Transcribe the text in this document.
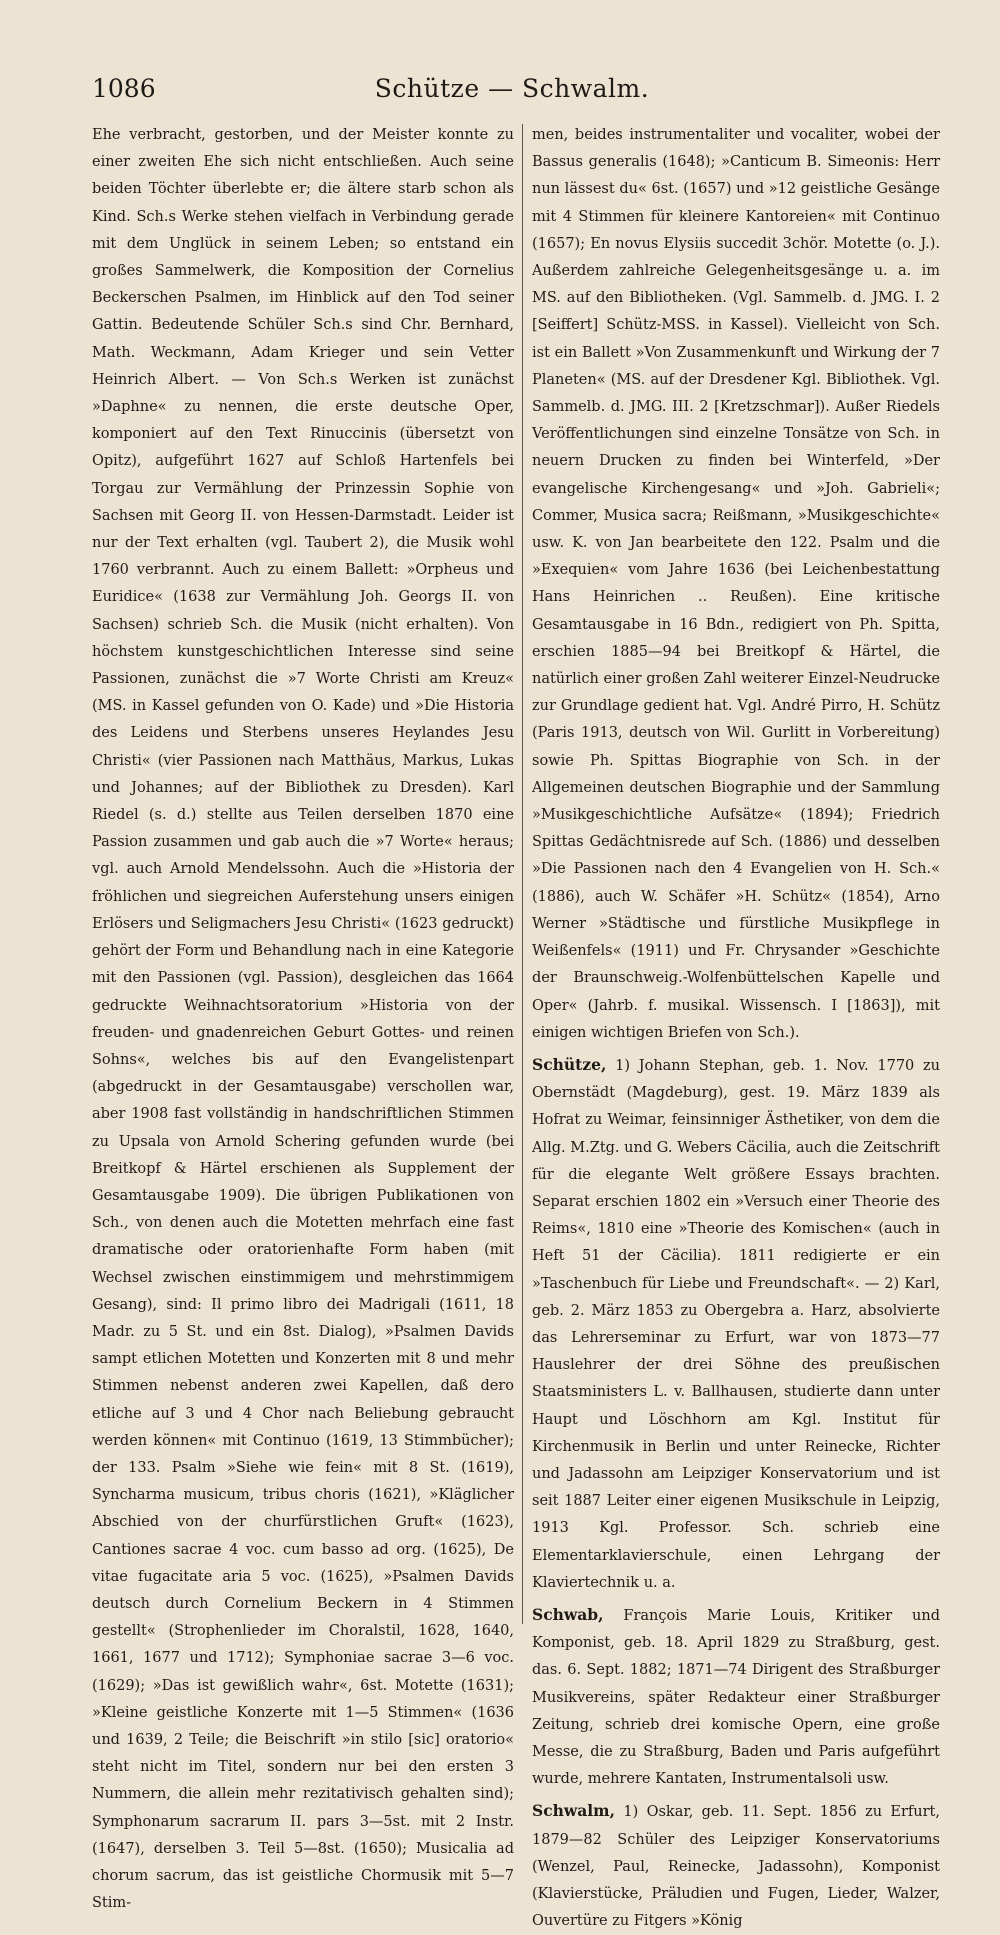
Schütze — Schwalm.
1086

Ehe verbracht, gestorben, und der Meister konnte zu einer zweiten Ehe sich nicht entschließen. Auch seine beiden Töchter überlebte er; die ältere starb schon als Kind. Sch.s Werke stehen vielfach in Verbindung gerade mit dem Unglück in seinem Leben; so entstand ein großes Sammelwerk, die Komposition der Cornelius Beckerschen Psalmen, im Hinblick auf den Tod seiner Gattin. Bedeutende Schüler Sch.s sind Chr. Bernhard, Math. Weckmann, Adam Krieger und sein Vetter Heinrich Albert. — Von Sch.s Werken ist zunächst »Daphne« zu nennen, die erste deutsche Oper, komponiert auf den Text Rinuccinis (übersetzt von Opitz), aufgeführt 1627 auf Schloß Hartenfels bei Torgau zur Vermählung der Prinzessin Sophie von Sachsen mit Georg II. von Hessen-Darmstadt. Leider ist nur der Text erhalten (vgl. Taubert 2), die Musik wohl 1760 verbrannt. Auch zu einem Ballett: »Orpheus und Euridice« (1638 zur Vermählung Joh. Georgs II. von Sachsen) schrieb Sch. die Musik (nicht erhalten). Von höchstem kunstgeschichtlichen Interesse sind seine Passionen, zunächst die »7 Worte Christi am Kreuz« (MS. in Kassel gefunden von O. Kade) und »Die Historia des Leidens und Sterbens unseres Heylandes Jesu Christi« (vier Passionen nach Matthäus, Markus, Lukas und Johannes; auf der Bibliothek zu Dresden). Karl Riedel (s. d.) stellte aus Teilen derselben 1870 eine Passion zusammen und gab auch die »7 Worte« heraus; vgl. auch Arnold Mendelssohn. Auch die »Historia der fröhlichen und siegreichen Auferstehung unsers einigen Erlösers und Seligmachers Jesu Christi« (1623 gedruckt) gehört der Form und Behandlung nach in eine Kategorie mit den Passionen (vgl. Passion), desgleichen das 1664 gedruckte Weihnachtsoratorium »Historia von der freuden- und gnadenreichen Geburt Gottes- und reinen Sohns«, welches bis auf den Evangelistenpart (abgedruckt in der Gesamtausgabe) verschollen war, aber 1908 fast vollständig in handschriftlichen Stimmen zu Upsala von Arnold Schering gefunden wurde (bei Breitkopf & Härtel erschienen als Supplement der Gesamtausgabe 1909). Die übrigen Publikationen von Sch., von denen auch die Motetten mehrfach eine fast dramatische oder oratorienhafte Form haben (mit Wechsel zwischen einstimmigem und mehrstimmigem Gesang), sind: Il primo libro dei Madrigali (1611, 18 Madr. zu 5 St. und ein 8st. Dialog), »Psalmen Davids sampt etlichen Motetten und Konzerten mit 8 und mehr Stimmen nebenst anderen zwei Kapellen, daß dero etliche auf 3 und 4 Chor nach Beliebung gebraucht werden können« mit Continuo (1619, 13 Stimmbücher); der 133. Psalm »Siehe wie fein« mit 8 St. (1619), Syncharma musicum, tribus choris (1621), »Kläglicher Abschied von der churfürstlichen Gruft« (1623), Cantiones sacrae 4 voc. cum basso ad org. (1625), De vitae fugacitate aria 5 voc. (1625), »Psalmen Davids deutsch durch Cornelium Beckern in 4 Stimmen gestellt« (Strophenlieder im Choralstil, 1628, 1640, 1661, 1677 und 1712); Symphoniae sacrae 3—6 voc. (1629); »Das ist gewißlich wahr«, 6st. Motette (1631); »Kleine geistliche Konzerte mit 1—5 Stimmen« (1636 und 1639, 2 Teile; die Beischrift »in stilo [sic] oratorio« steht nicht im Titel, sondern nur bei den ersten 3 Nummern, die allein mehr rezitativisch gehalten sind); Symphonarum sacrarum II. pars 3—5st. mit 2 Instr. (1647), derselben 3. Teil 5—8st. (1650); Musicalia ad chorum sacrum, das ist geistliche Chormusik mit 5—7 Stim-

men, beides instrumentaliter und vocaliter, wobei der Bassus generalis (1648); »Canticum B. Simeonis: Herr nun lässest du« 6st. (1657) und »12 geistliche Gesänge mit 4 Stimmen für kleinere Kantoreien« mit Continuo (1657); En novus Elysiis succedit 3chör. Motette (o. J.). Außerdem zahlreiche Gelegenheitsgesänge u. a. im MS. auf den Bibliotheken. (Vgl. Sammelb. d. JMG. I. 2 [Seiffert] Schütz-MSS. in Kassel). Vielleicht von Sch. ist ein Ballett »Von Zusammenkunft und Wirkung der 7 Planeten« (MS. auf der Dresdener Kgl. Bibliothek. Vgl. Sammelb. d. JMG. III. 2 [Kretzschmar]). Außer Riedels Veröffentlichungen sind einzelne Tonsätze von Sch. in neuern Drucken zu finden bei Winterfeld, »Der evangelische Kirchengesang« und »Joh. Gabrieli«; Commer, Musica sacra; Reißmann, »Musikgeschichte« usw. K. von Jan bearbeitete den 122. Psalm und die »Exequien« vom Jahre 1636 (bei Leichenbestattung Hans Heinrichen .. Reußen). Eine kritische Gesamtausgabe in 16 Bdn., redigiert von Ph. Spitta, erschien 1885—94 bei Breitkopf & Härtel, die natürlich einer großen Zahl weiterer Einzel-Neudrucke zur Grundlage gedient hat. Vgl. André Pirro, H. Schütz (Paris 1913, deutsch von Wil. Gurlitt in Vorbereitung) sowie Ph. Spittas Biographie von Sch. in der Allgemeinen deutschen Biographie und der Sammlung »Musikgeschichtliche Aufsätze« (1894); Friedrich Spittas Gedächtnisrede auf Sch. (1886) und desselben »Die Passionen nach den 4 Evangelien von H. Sch.« (1886), auch W. Schäfer »H. Schütz« (1854), Arno Werner »Städtische und fürstliche Musikpflege in Weißenfels« (1911) und Fr. Chrysander »Geschichte der Braunschweig.-Wolfenbüttelschen Kapelle und Oper« (Jahrb. f. musikal. Wissensch. I [1863]), mit einigen wichtigen Briefen von Sch.).

Schütze, 1) Johann Stephan, geb. 1. Nov. 1770 zu Obernstädt (Magdeburg), gest. 19. März 1839 als Hofrat zu Weimar, feinsinniger Ästhetiker, von dem die Allg. M.Ztg. und G. Webers Cäcilia, auch die Zeitschrift für die elegante Welt größere Essays brachten. Separat erschien 1802 ein »Versuch einer Theorie des Reims«, 1810 eine »Theorie des Komischen« (auch in Heft 51 der Cäcilia). 1811 redigierte er ein »Taschenbuch für Liebe und Freundschaft«. — 2) Karl, geb. 2. März 1853 zu Obergebra a. Harz, absolvierte das Lehrerseminar zu Erfurt, war von 1873—77 Hauslehrer der drei Söhne des preußischen Staatsministers L. v. Ballhausen, studierte dann unter Haupt und Löschhorn am Kgl. Institut für Kirchenmusik in Berlin und unter Reinecke, Richter und Jadassohn am Leipziger Konservatorium und ist seit 1887 Leiter einer eigenen Musikschule in Leipzig, 1913 Kgl. Professor. Sch. schrieb eine Elementarklavierschule, einen Lehrgang der Klaviertechnik u. a.

Schwab, François Marie Louis, Kritiker und Komponist, geb. 18. April 1829 zu Straßburg, gest. das. 6. Sept. 1882; 1871—74 Dirigent des Straßburger Musikvereins, später Redakteur einer Straßburger Zeitung, schrieb drei komische Opern, eine große Messe, die zu Straßburg, Baden und Paris aufgeführt wurde, mehrere Kantaten, Instrumentalsoli usw.

Schwalm, 1) Oskar, geb. 11. Sept. 1856 zu Erfurt, 1879—82 Schüler des Leipziger Konservatoriums (Wenzel, Paul, Reinecke, Jadassohn), Komponist (Klavierstücke, Präludien und Fugen, Lieder, Walzer, Ouvertüre zu Fitgers »König
